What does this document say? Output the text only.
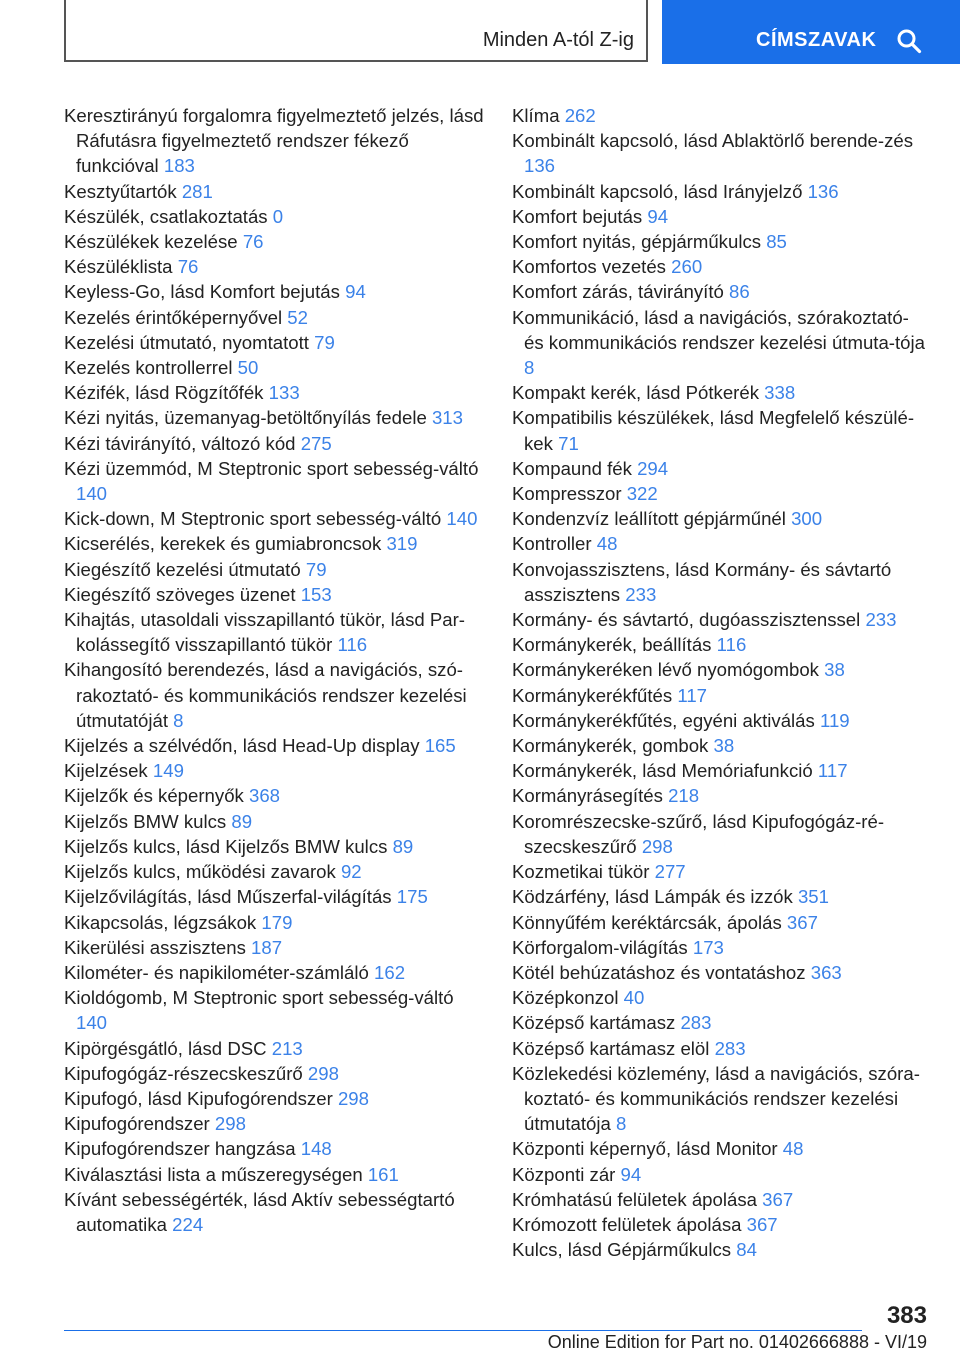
Minden A-tól Z-ig	CÍMSZAVAK
Keresztirányú forgalomra figyelmeztető jelzés, lásd Ráfutásra figyelmeztető rendszer fékező funkcióval 183
Kesztyűtartók 281
Készülék, csatlakoztatás 0
Készülékek kezelése 76
Készüléklista 76
Keyless-Go, lásd Komfort bejutás 94
Kezelés érintőképernyővel 52
Kezelési útmutató, nyomtatott 79
Kezelés kontrollerrel 50
Kézifék, lásd Rögzítőfék 133
Kézi nyitás, üzemanyag-betöltőnyílás fedele 313
Kézi távirányító, változó kód 275
Kézi üzemmód, M Steptronic sport sebesség-váltó 140
Kick-down, M Steptronic sport sebesség-váltó 140
Kicserélés, kerekek és gumiabroncsok 319
Kiegészítő kezelési útmutató 79
Kiegészítő szöveges üzenet 153
Kihajtás, utasoldali visszapillantó tükör, lásd Par-kolássegítő visszapillantó tükör 116
Kihangosító berendezés, lásd a navigációs, szó-rakoztató- és kommunikációs rendszer kezelési útmutatóját 8
Kijelzés a szélvédőn, lásd Head-Up display 165
Kijelzések 149
Kijelzők és képernyők 368
Kijelzős BMW kulcs 89
Kijelzős kulcs, lásd Kijelzős BMW kulcs 89
Kijelzős kulcs, működési zavarok 92
Kijelzővilágítás, lásd Műszerfal-világítás 175
Kikapcsolás, légzsákok 179
Kikerülési asszisztens 187
Kilométer- és napikilométer-számláló 162
Kioldógomb, M Steptronic sport sebesség-váltó 140
Kipörgésgátló, lásd DSC 213
Kipufogógáz-részecskeszűrő 298
Kipufogó, lásd Kipufogórendszer 298
Kipufogórendszer 298
Kipufogórendszer hangzása 148
Kiválasztási lista a műszeregységen 161
Kívánt sebességérték, lásd Aktív sebességtartó automatika 224
Klíma 262
Kombinált kapcsoló, lásd Ablaktörlő berende-zés 136
Kombinált kapcsoló, lásd Irányjelző 136
Komfort bejutás 94
Komfort nyitás, gépjárműkulcs 85
Komfortos vezetés 260
Komfort zárás, távirányító 86
Kommunikáció, lásd a navigációs, szórakoztató- és kommunikációs rendszer kezelési útmuta-tója 8
Kompakt kerék, lásd Pótkerék 338
Kompatibilis készülékek, lásd Megfelelő készülé-kek 71
Kompaund fék 294
Kompresszor 322
Kondenzvíz leállított gépjárműnél 300
Kontroller 48
Konvojasszisztens, lásd Kormány- és sávtartó asszisztens 233
Kormány- és sávtartó, dugóasszisztenssel 233
Kormánykerék, beállítás 116
Kormánykeréken lévő nyomógombok 38
Kormánykerékfűtés 117
Kormánykerékfűtés, egyéni aktiválás 119
Kormánykerék, gombok 38
Kormánykerék, lásd Memóriafunkció 117
Kormányrásegítés 218
Koromrészecske-szűrő, lásd Kipufogógáz-ré-szecskeszűrő 298
Kozmetikai tükör 277
Ködzárfény, lásd Lámpák és izzók 351
Könnyűfém keréktárcsák, ápolás 367
Körforgalom-világítás 173
Kötél behúzatáshoz és vontatáshoz 363
Középkonzol 40
Középső kartámasz 283
Középső kartámasz elöl 283
Közlekedési közlemény, lásd a navigációs, szóra-koztató- és kommunikációs rendszer kezelési útmutatója 8
Központi képernyő, lásd Monitor 48
Központi zár 94
Krómhatású felületek ápolása 367
Krómozott felületek ápolása 367
Kulcs, lásd Gépjárműkulcs 84
383
Online Edition for Part no. 01402666888 - VI/19
